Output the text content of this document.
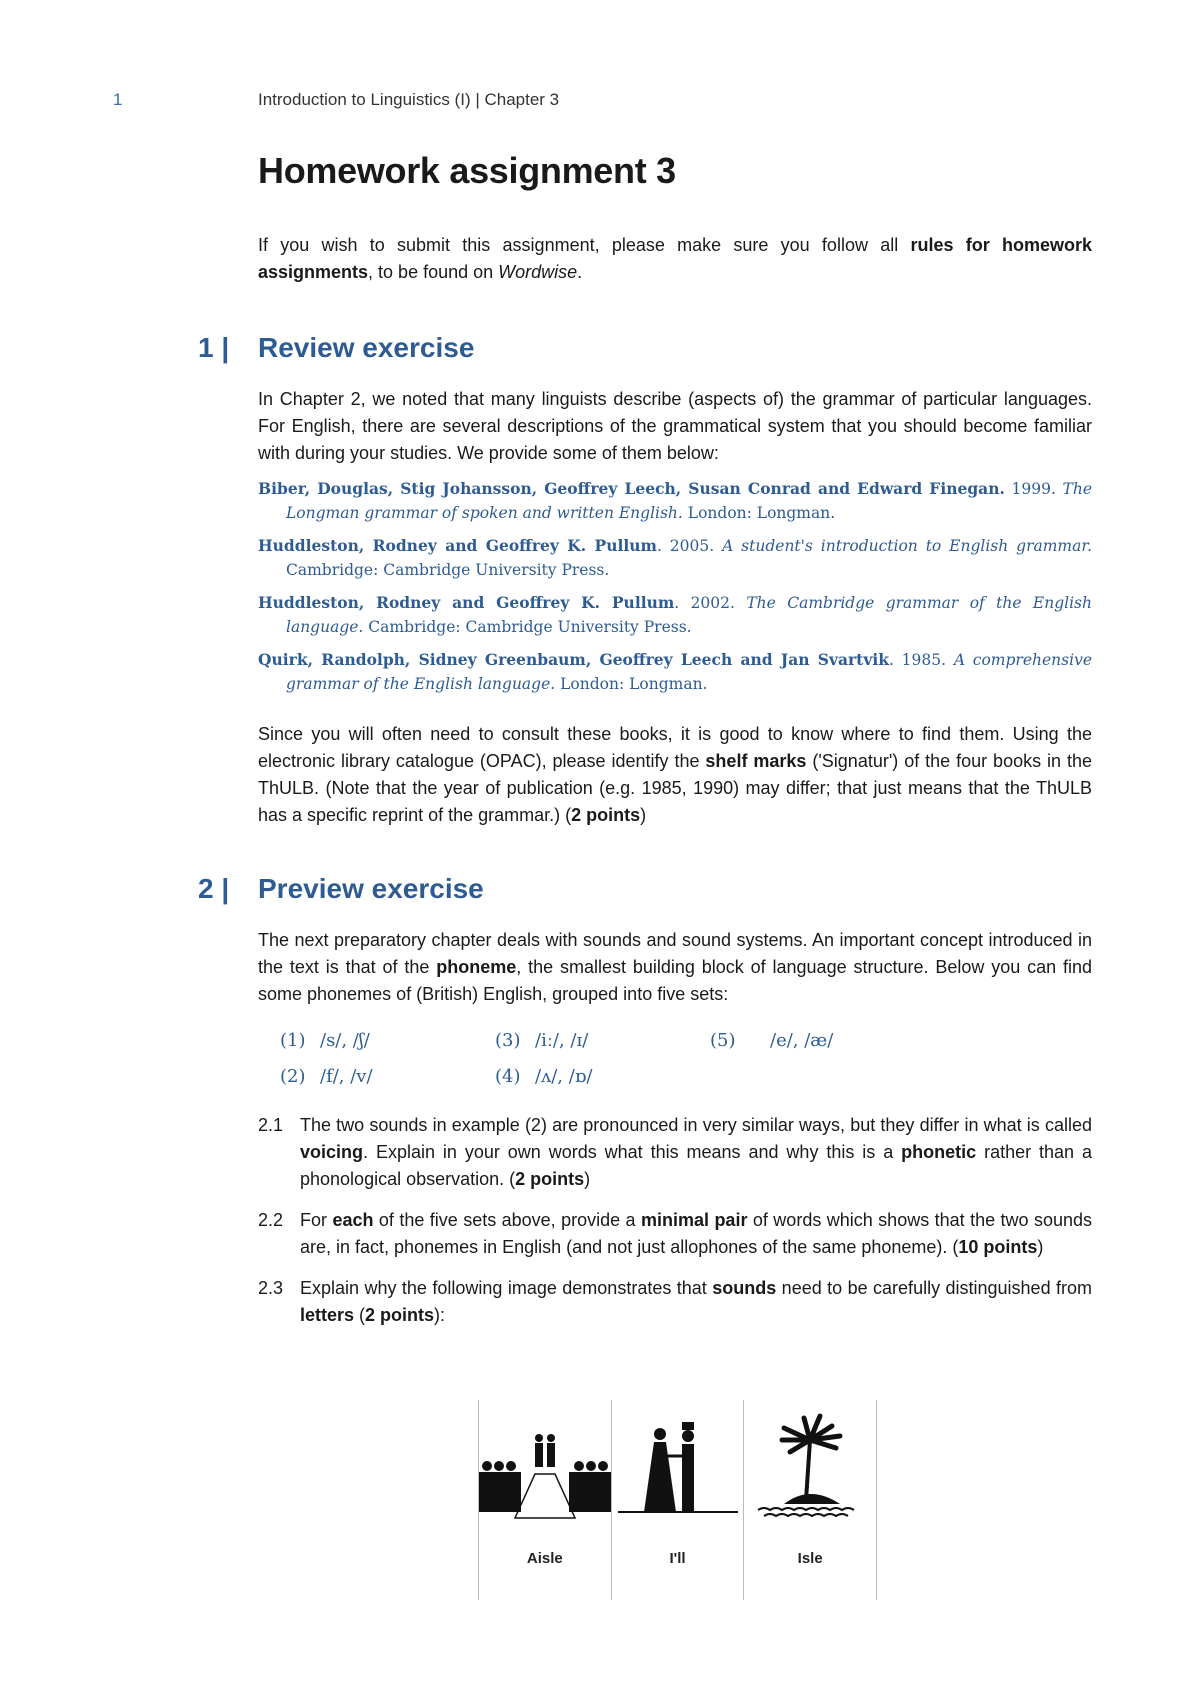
1	Introduction to Linguistics (I) | Chapter 3
Homework assignment 3

If you wish to submit this assignment, please make sure you follow all rules for homework assignments, to be found on Wordwise.

1 | Review exercise

In Chapter 2, we noted that many linguists describe (aspects of) the grammar of particular languages. For English, there are several descriptions of the grammatical system that you should become familiar with during your studies. We provide some of them below:

Biber, Douglas, Stig Johansson, Geoffrey Leech, Susan Conrad and Edward Finegan. 1999. The Longman grammar of spoken and written English. London: Longman.
Huddleston, Rodney and Geoffrey K. Pullum. 2005. A student's introduction to English grammar. Cambridge: Cambridge University Press.
Huddleston, Rodney and Geoffrey K. Pullum. 2002. The Cambridge grammar of the English language. Cambridge: Cambridge University Press.
Quirk, Randolph, Sidney Greenbaum, Geoffrey Leech and Jan Svartvik. 1985. A comprehensive grammar of the English language. London: Longman.

Since you will often need to consult these books, it is good to know where to find them. Using the electronic library catalogue (OPAC), please identify the shelf marks ('Signatur') of the four books in the ThULB. (Note that the year of publication (e.g. 1985, 1990) may differ; that just means that the ThULB has a specific reprint of the grammar.) (2 points)

2 | Preview exercise

The next preparatory chapter deals with sounds and sound systems. An important concept introduced in the text is that of the phoneme, the smallest building block of language structure. Below you can find some phonemes of (British) English, grouped into five sets:

(1) /s/, /ʃ/	(3) /iː/, /ɪ/	(5)	/e/, /æ/
(2) /f/, /v/	(4) /ʌ/, /ɒ/
2.1 The two sounds in example (2) are pronounced in very similar ways, but they differ in what is called voicing. Explain in your own words what this means and why this is a phonetic rather than a phonological observation. (2 points)
2.2 For each of the five sets above, provide a minimal pair of words which shows that the two sounds are, in fact, phonemes in English (and not just allophones of the same phoneme). (10 points)
2.3 Explain why the following image demonstrates that sounds need to be carefully distinguished from letters (2 points):
Aisle	I'll	Isle
